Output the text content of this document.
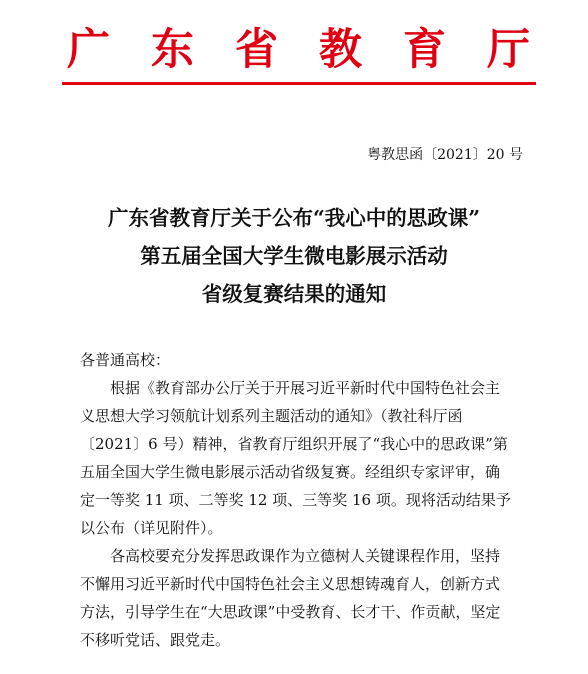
广 东 省 教 育 厅
粤教思函〔2021〕20 号
广东省教育厅关于公布“我心中的思政课”
第五届全国大学生微电影展示活动
省级复赛结果的通知
各普通高校：
根据《教育部办公厅关于开展习近平新时代中国特色社会主
义思想大学习领航计划系列主题活动的通知》（教社科厅函
〔2021〕6 号）精神，省教育厅组织开展了“我心中的思政课”第
五届全国大学生微电影展示活动省级复赛。经组织专家评审，确
定一等奖 11 项、二等奖 12 项、三等奖 16 项。现将活动结果予
以公布（详见附件）。
各高校要充分发挥思政课作为立德树人关键课程作用，坚持
不懈用习近平新时代中国特色社会主义思想铸魂育人，创新方式
方法，引导学生在“大思政课”中受教育、长才干、作贡献，坚定
不移听党话、跟党走。
